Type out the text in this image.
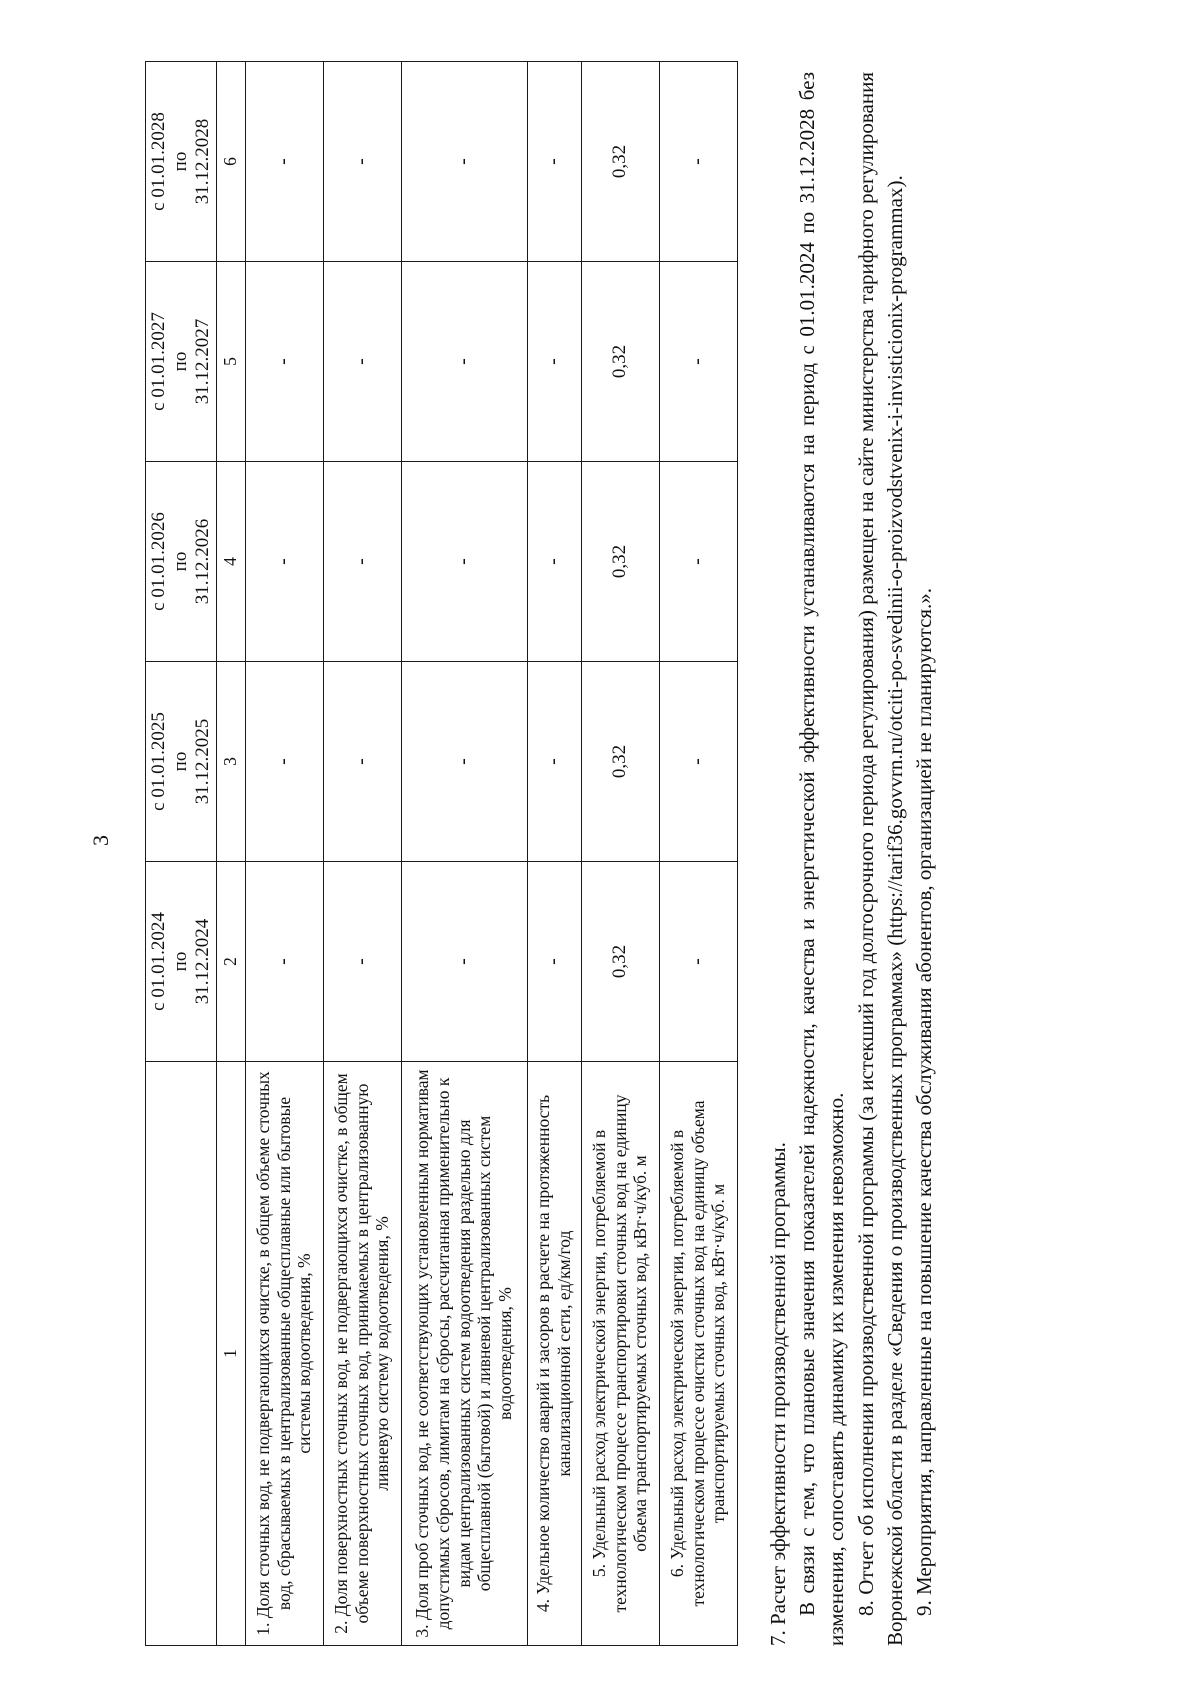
3

	с 01.01.2024 по 31.12.2024	с 01.01.2025 по 31.12.2025	с 01.01.2026 по 31.12.2026	с 01.01.2027 по 31.12.2027	с 01.01.2028 по 31.12.2028

1	2	3	4	5	6
1. Доля сточных вод, не подвергающихся очистке, в общем объеме сточных вод, сбрасываемых в централизованные общесплавные или бытовые системы водоотведения, %	-	-	-	-	-
2. Доля поверхностных сточных вод, не подвергающихся очистке, в общем объеме поверхностных сточных вод, принимаемых в централизованную ливневую систему водоотведения, %	-	-	-	-	-
3. Доля проб сточных вод, не соответствующих установленным нормативам допустимых сбросов, лимитам на сбросы, рассчитанная применительно к видам централизованных систем водоотведения раздельно для общесплавной (бытовой) и ливневой централизованных систем водоотведения, %	-	-	-	-	-
4. Удельное количество аварий и засоров в расчете на протяженность канализационной сети, ед/км/год	-	-	-	-	-
5. Удельный расход электрической энергии, потребляемой в технологическом процессе транспортировки сточных вод на единицу объема транспортируемых сточных вод, кВт·ч/куб. м	0,32	0,32	0,32	0,32	0,32
6. Удельный расход электрической энергии, потребляемой в технологическом процессе очистки сточных вод на единицу объема транспортируемых сточных вод, кВт·ч/куб. м	-	-	-	-	-

7. Расчет эффективности производственной программы. В связи с тем, что плановые значения показателей надежности, качества и энергетической эффективности устанавливаются на период с 01.01.2024 по 31.12.2028 без изменения, сопоставить динамику их изменения невозможно. 8. Отчет об исполнении производственной программы (за истекший год долгосрочного периода регулирования) размещен на сайте министерства тарифного регулирования Воронежской области в разделе «Сведения о производственных программах» (https://tarif36.govvrn.ru/otciti-po-svedinii-o-proizvodstvenix-i-invisticionix-programmax). 9. Мероприятия, направленные на повышение качества обслуживания абонентов, организацией не планируются.».
